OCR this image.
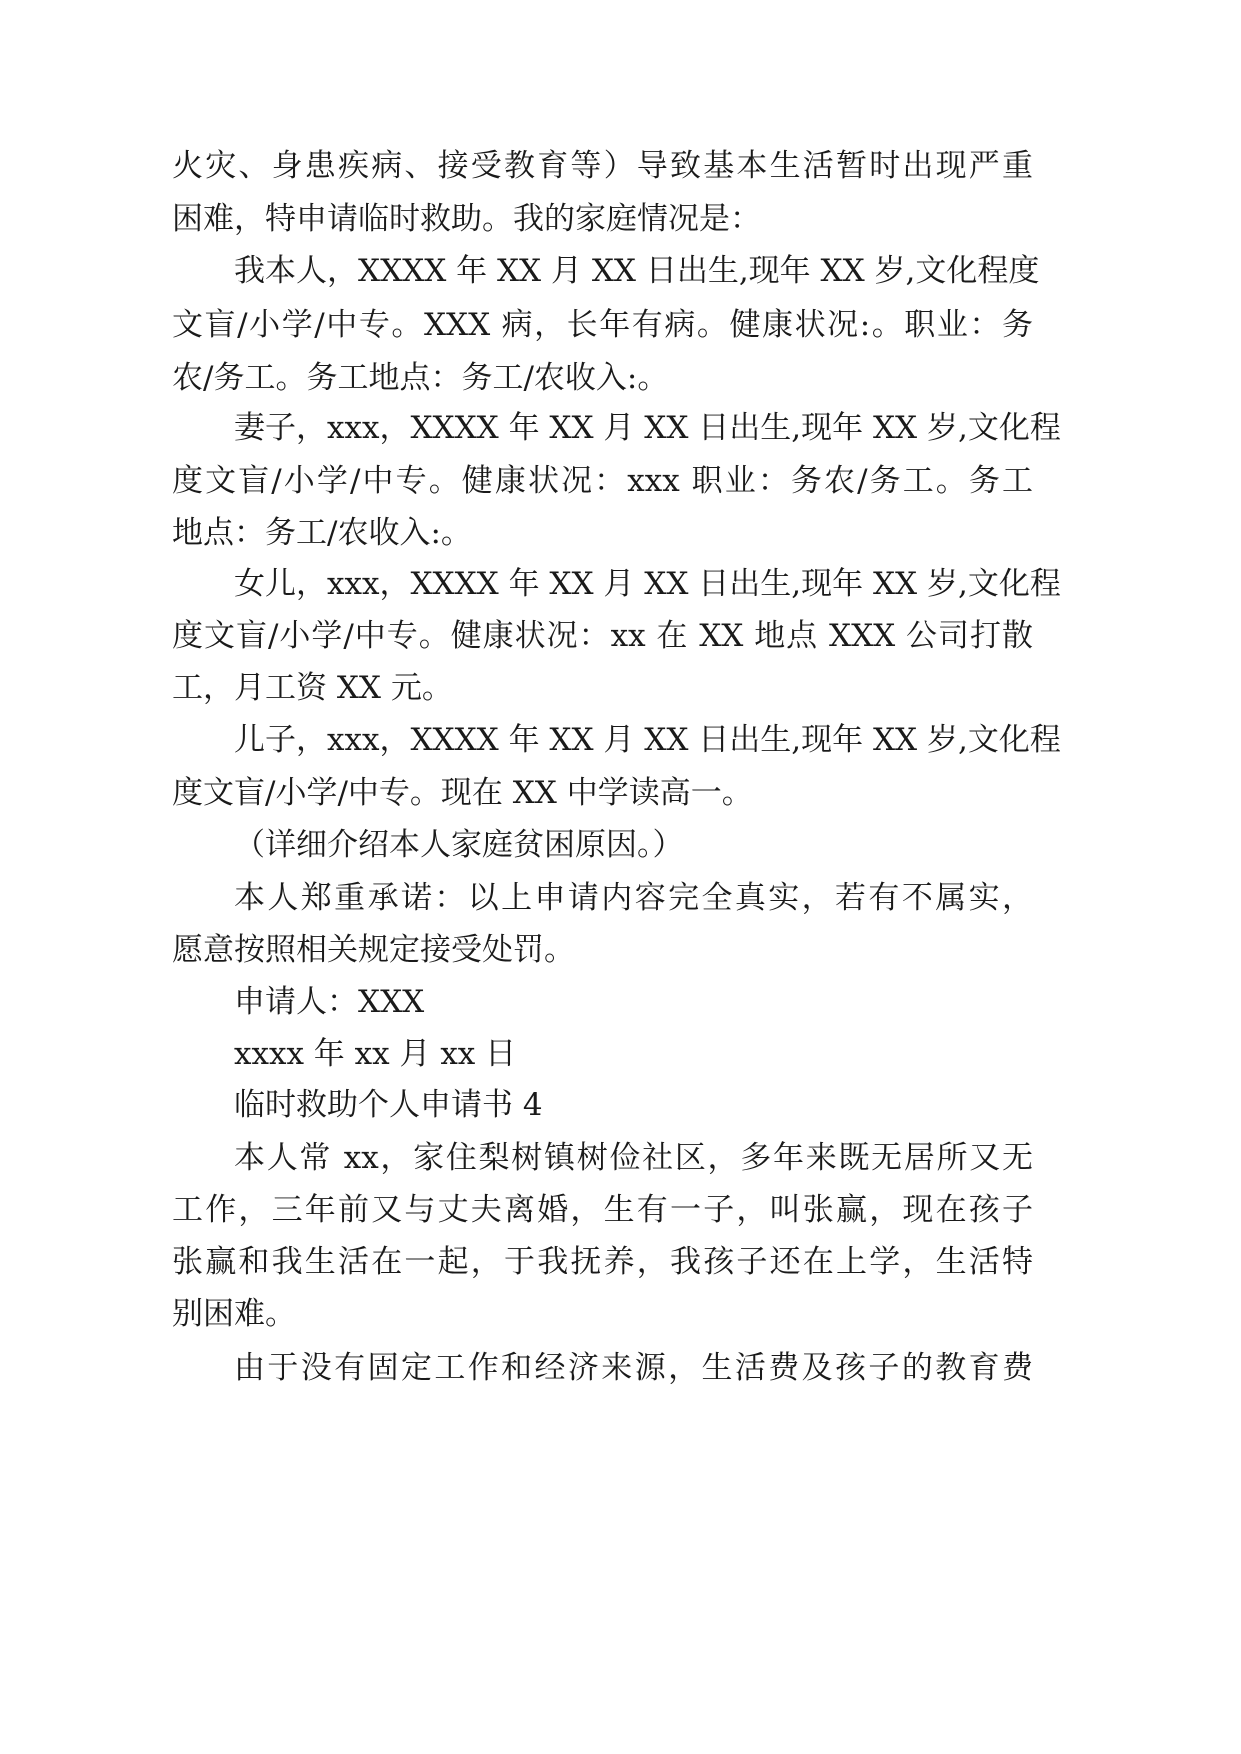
火灾、身患疾病、接受教育等）导致基本生活暂时出现严重
困难，特申请临时救助。我的家庭情况是：
我本人，XXXX 年 XX 月 XX 日出生,现年 XX 岁,文化程度
文盲/小学/中专。XXX 病，长年有病。健康状况:。职业：务
农/务工。务工地点：务工/农收入:。
妻子，xxx，XXXX 年 XX 月 XX 日出生,现年 XX 岁,文化程
度文盲/小学/中专。健康状况：xxx 职业：务农/务工。务工
地点：务工/农收入:。
女儿，xxx，XXXX 年 XX 月 XX 日出生,现年 XX 岁,文化程
度文盲/小学/中专。健康状况：xx 在 XX 地点 XXX 公司打散
工，月工资 XX 元。
儿子，xxx，XXXX 年 XX 月 XX 日出生,现年 XX 岁,文化程
度文盲/小学/中专。现在 XX 中学读高一。
（详细介绍本人家庭贫困原因。）
本人郑重承诺：以上申请内容完全真实，若有不属实，
愿意按照相关规定接受处罚。
申请人：XXX
xxxx 年 xx 月 xx 日
临时救助个人申请书 4
本人常 xx，家住梨树镇树俭社区，多年来既无居所又无
工作，三年前又与丈夫离婚，生有一子，叫张赢，现在孩子
张赢和我生活在一起，于我抚养，我孩子还在上学，生活特
别困难。
由于没有固定工作和经济来源，生活费及孩子的教育费
